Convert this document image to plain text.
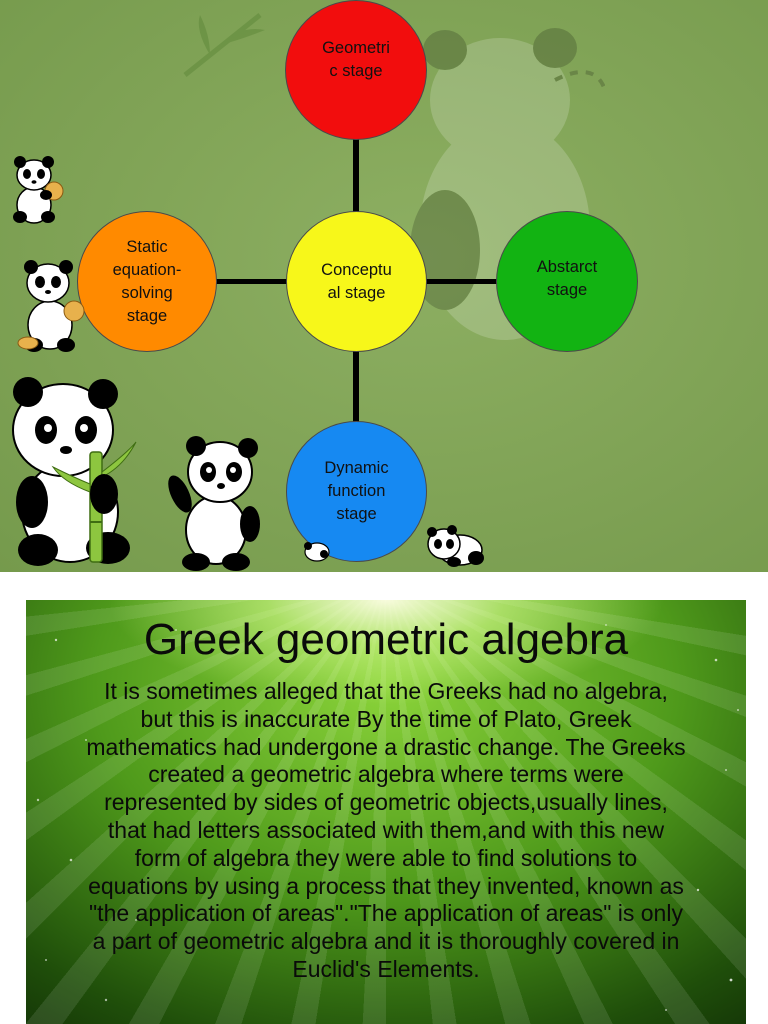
Geometri
c stage
Static
equation-
solving
stage
Conceptu
al stage
Abstarct
stage
Dynamic
function
stage
Greek geometric algebra

It is sometimes alleged that the Greeks had no algebra, but this is inaccurate By the time of Plato, Greek mathematics had undergone a drastic change. The Greeks created a geometric algebra where terms were represented by sides of geometric objects,usually lines, that had letters associated with them,and with this new form of algebra they were able to find solutions to equations by using a process that they invented, known as "the application of areas"."The application of areas" is only a part of geometric algebra and it is thoroughly covered in Euclid's Elements.
